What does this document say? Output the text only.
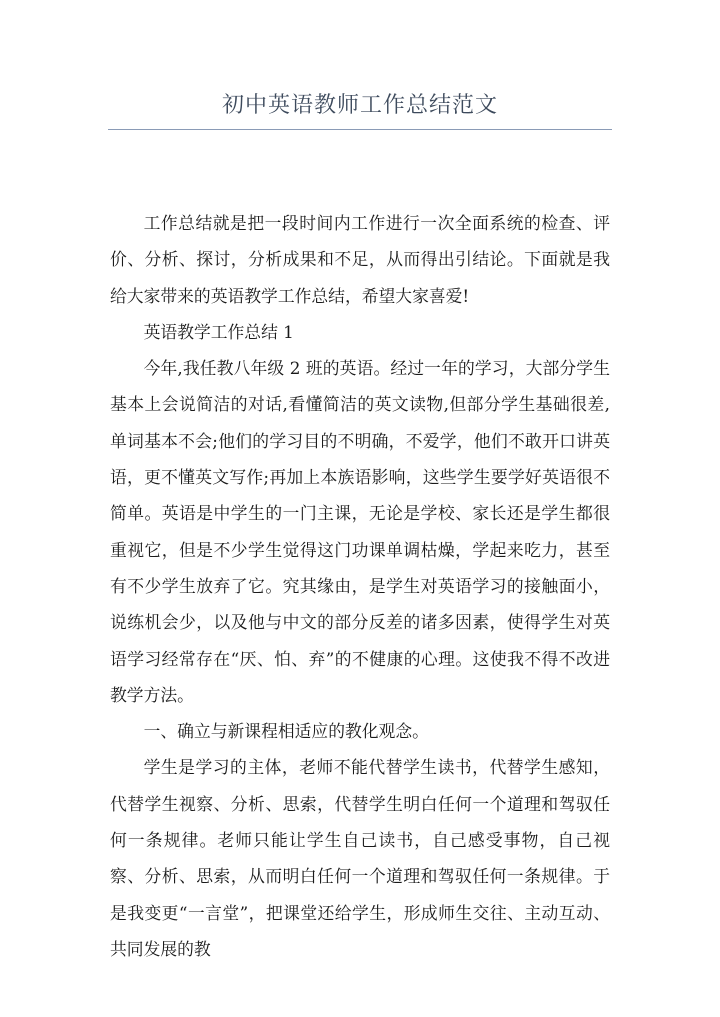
初中英语教师工作总结范文

工作总结就是把一段时间内工作进行一次全面系统的检查、评价、分析、探讨，分析成果和不足，从而得出引结论。下面就是我给大家带来的英语教学工作总结，希望大家喜爱!

英语教学工作总结 1

今年,我任教八年级 2 班的英语。经过一年的学习，大部分学生基本上会说简洁的对话,看懂简洁的英文读物,但部分学生基础很差,单词基本不会;他们的学习目的不明确，不爱学，他们不敢开口讲英语，更不懂英文写作;再加上本族语影响，这些学生要学好英语很不简单。英语是中学生的一门主课，无论是学校、家长还是学生都很重视它，但是不少学生觉得这门功课单调枯燥，学起来吃力，甚至有不少学生放弃了它。究其缘由，是学生对英语学习的接触面小，说练机会少，以及他与中文的部分反差的诸多因素，使得学生对英语学习经常存在“厌、怕、弃”的不健康的心理。这使我不得不改进教学方法。

一、确立与新课程相适应的教化观念。

学生是学习的主体，老师不能代替学生读书，代替学生感知，代替学生视察、分析、思索，代替学生明白任何一个道理和驾驭任何一条规律。老师只能让学生自己读书，自己感受事物，自己视察、分析、思索，从而明白任何一个道理和驾驭任何一条规律。于是我变更“一言堂”，把课堂还给学生，形成师生交往、主动互动、共同发展的教
